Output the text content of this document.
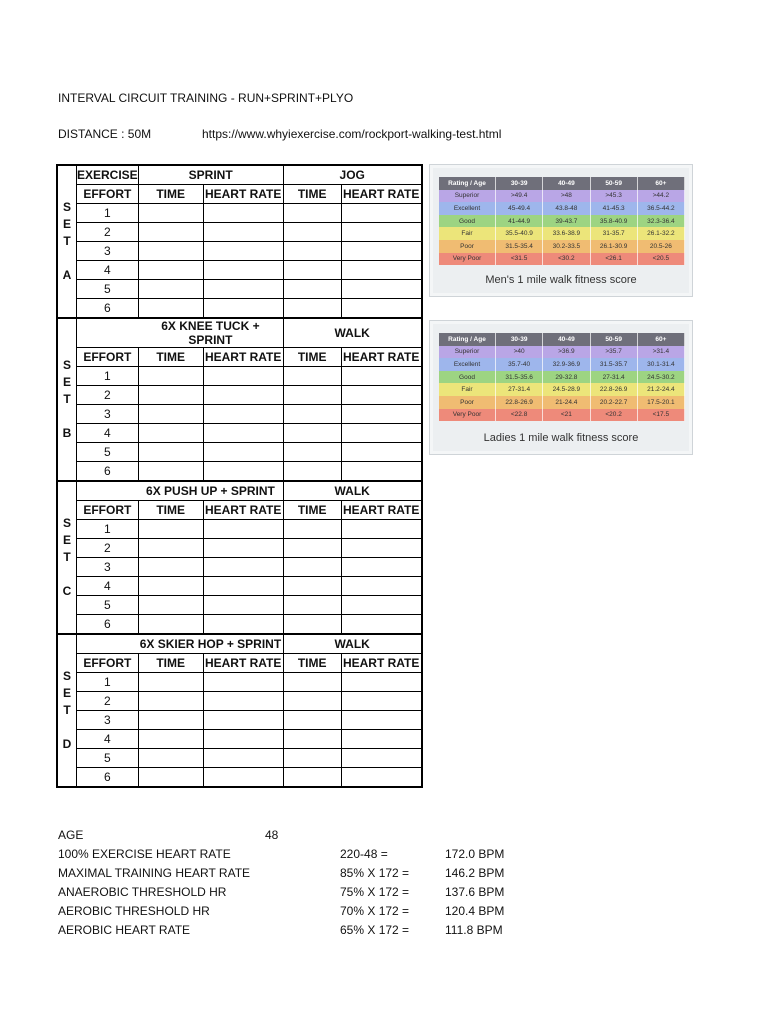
INTERVAL CIRCUIT TRAINING - RUN+SPRINT+PLYO
DISTANCE : 50M	https://www.whyiexercise.com/rockport-walking-test.html
S
E
T
A	EXERCISE	SPRINT		JOG	
	EFFORT	TIME	HEART RATE	TIME	HEART RATE
	1				
	2				
	3				
	4				
	5				
	6				

S
E
T
B		6X KNEE TUCK + SPRINT		WALK	
	EFFORT	TIME	HEART RATE	TIME	HEART RATE
	1				
	2				
	3				
	4				
	5				
	6				

S
E
T
C		6X PUSH UP + SPRINT		WALK	
	EFFORT	TIME	HEART RATE	TIME	HEART RATE
	1				
	2				
	3				
	4				
	5				
	6				

S
E
T
D		6X SKIER HOP + SPRINT		WALK	
	EFFORT	TIME	HEART RATE	TIME	HEART RATE
	1				
	2				
	3				
	4				
	5				
	6				
Rating / Age	30-39	40-49	50-59	60+
Superior	>49.4	>48	>45.3	>44.2
Excellent	45-49.4	43.8-48	41-45.3	36.5-44.2
Good	41-44.9	39-43.7	35.8-40.9	32.3-36.4
Fair	35.5-40.9	33.6-38.9	31-35.7	26.1-32.2
Poor	31.5-35.4	30.2-33.5	26.1-30.9	20.5-26
Very Poor	<31.5	<30.2	<26.1	<20.5
Men's 1 mile walk fitness score
Rating / Age	30-39	40-49	50-59	60+
Superior	>40	>36.9	>35.7	>31.4
Excellent	35.7-40	32.9-36.9	31.5-35.7	30.1-31.4
Good	31.5-35.6	29-32.8	27-31.4	24.5-30.2
Fair	27-31.4	24.5-28.9	22.8-26.9	21.2-24.4
Poor	22.8-26.9	21-24.4	20.2-22.7	17.5-20.1
Very Poor	<22.8	<21	<20.2	<17.5
Ladies 1 mile walk fitness score
AGE	48
100% EXERCISE HEART RATE	220-48 =	172.0 BPM
MAXIMAL TRAINING HEART RATE	85% X 172 =	146.2 BPM
ANAEROBIC THRESHOLD HR	75% X 172 =	137.6 BPM
AEROBIC THRESHOLD HR	70% X 172 =	120.4 BPM
AEROBIC HEART RATE	65% X 172 =	111.8 BPM
